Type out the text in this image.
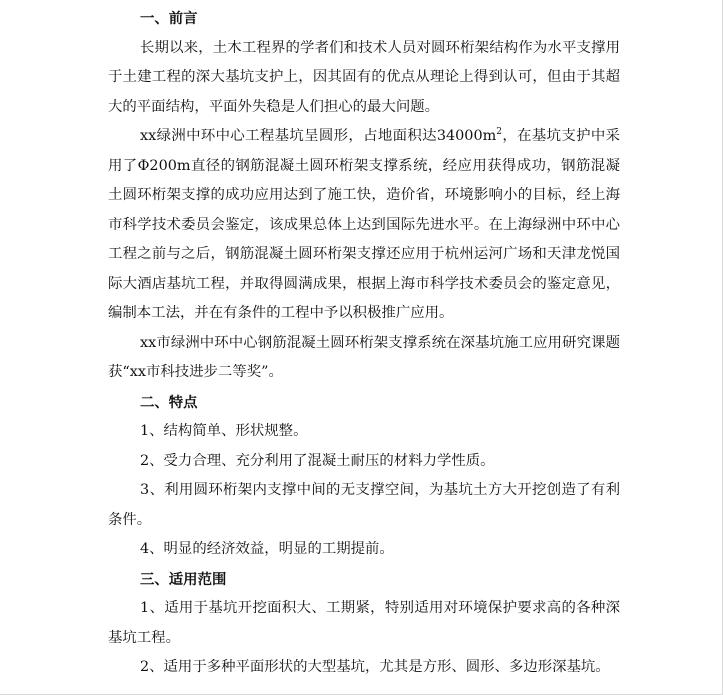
一、前言

长期以来，土木工程界的学者们和技术人员对圆环桁架结构作为水平支撑用于土建工程的深大基坑支护上，因其固有的优点从理论上得到认可，但由于其超大的平面结构，平面外失稳是人们担心的最大问题。

xx绿洲中环中心工程基坑呈圆形，占地面积达$34000m^2$，在基坑支护中采用了Φ200m直径的钢筋混凝土圆环桁架支撑系统，经应用获得成功，钢筋混凝土圆环桁架支撑的成功应用达到了施工快，造价省，环境影响小的目标，经上海市科学技术委员会鉴定，该成果总体上达到国际先进水平。在上海绿洲中环中心工程之前与之后，钢筋混凝土圆环桁架支撑还应用于杭州运河广场和天津龙悦国际大酒店基坑工程，并取得圆满成果，根据上海市科学技术委员会的鉴定意见，编制本工法，并在有条件的工程中予以积极推广应用。

xx市绿洲中环中心钢筋混凝土圆环桁架支撑系统在深基坑施工应用研究课题获“xx市科技进步二等奖”。

二、特点

1、结构简单、形状规整。

2、受力合理、充分利用了混凝土耐压的材料力学性质。

3、利用圆环桁架内支撑中间的无支撑空间，为基坑土方大开挖创造了有利条件。

4、明显的经济效益，明显的工期提前。

三、适用范围

1、适用于基坑开挖面积大、工期紧，特别适用对环境保护要求高的各种深基坑工程。

2、适用于多种平面形状的大型基坑，尤其是方形、圆形、多边形深基坑。
